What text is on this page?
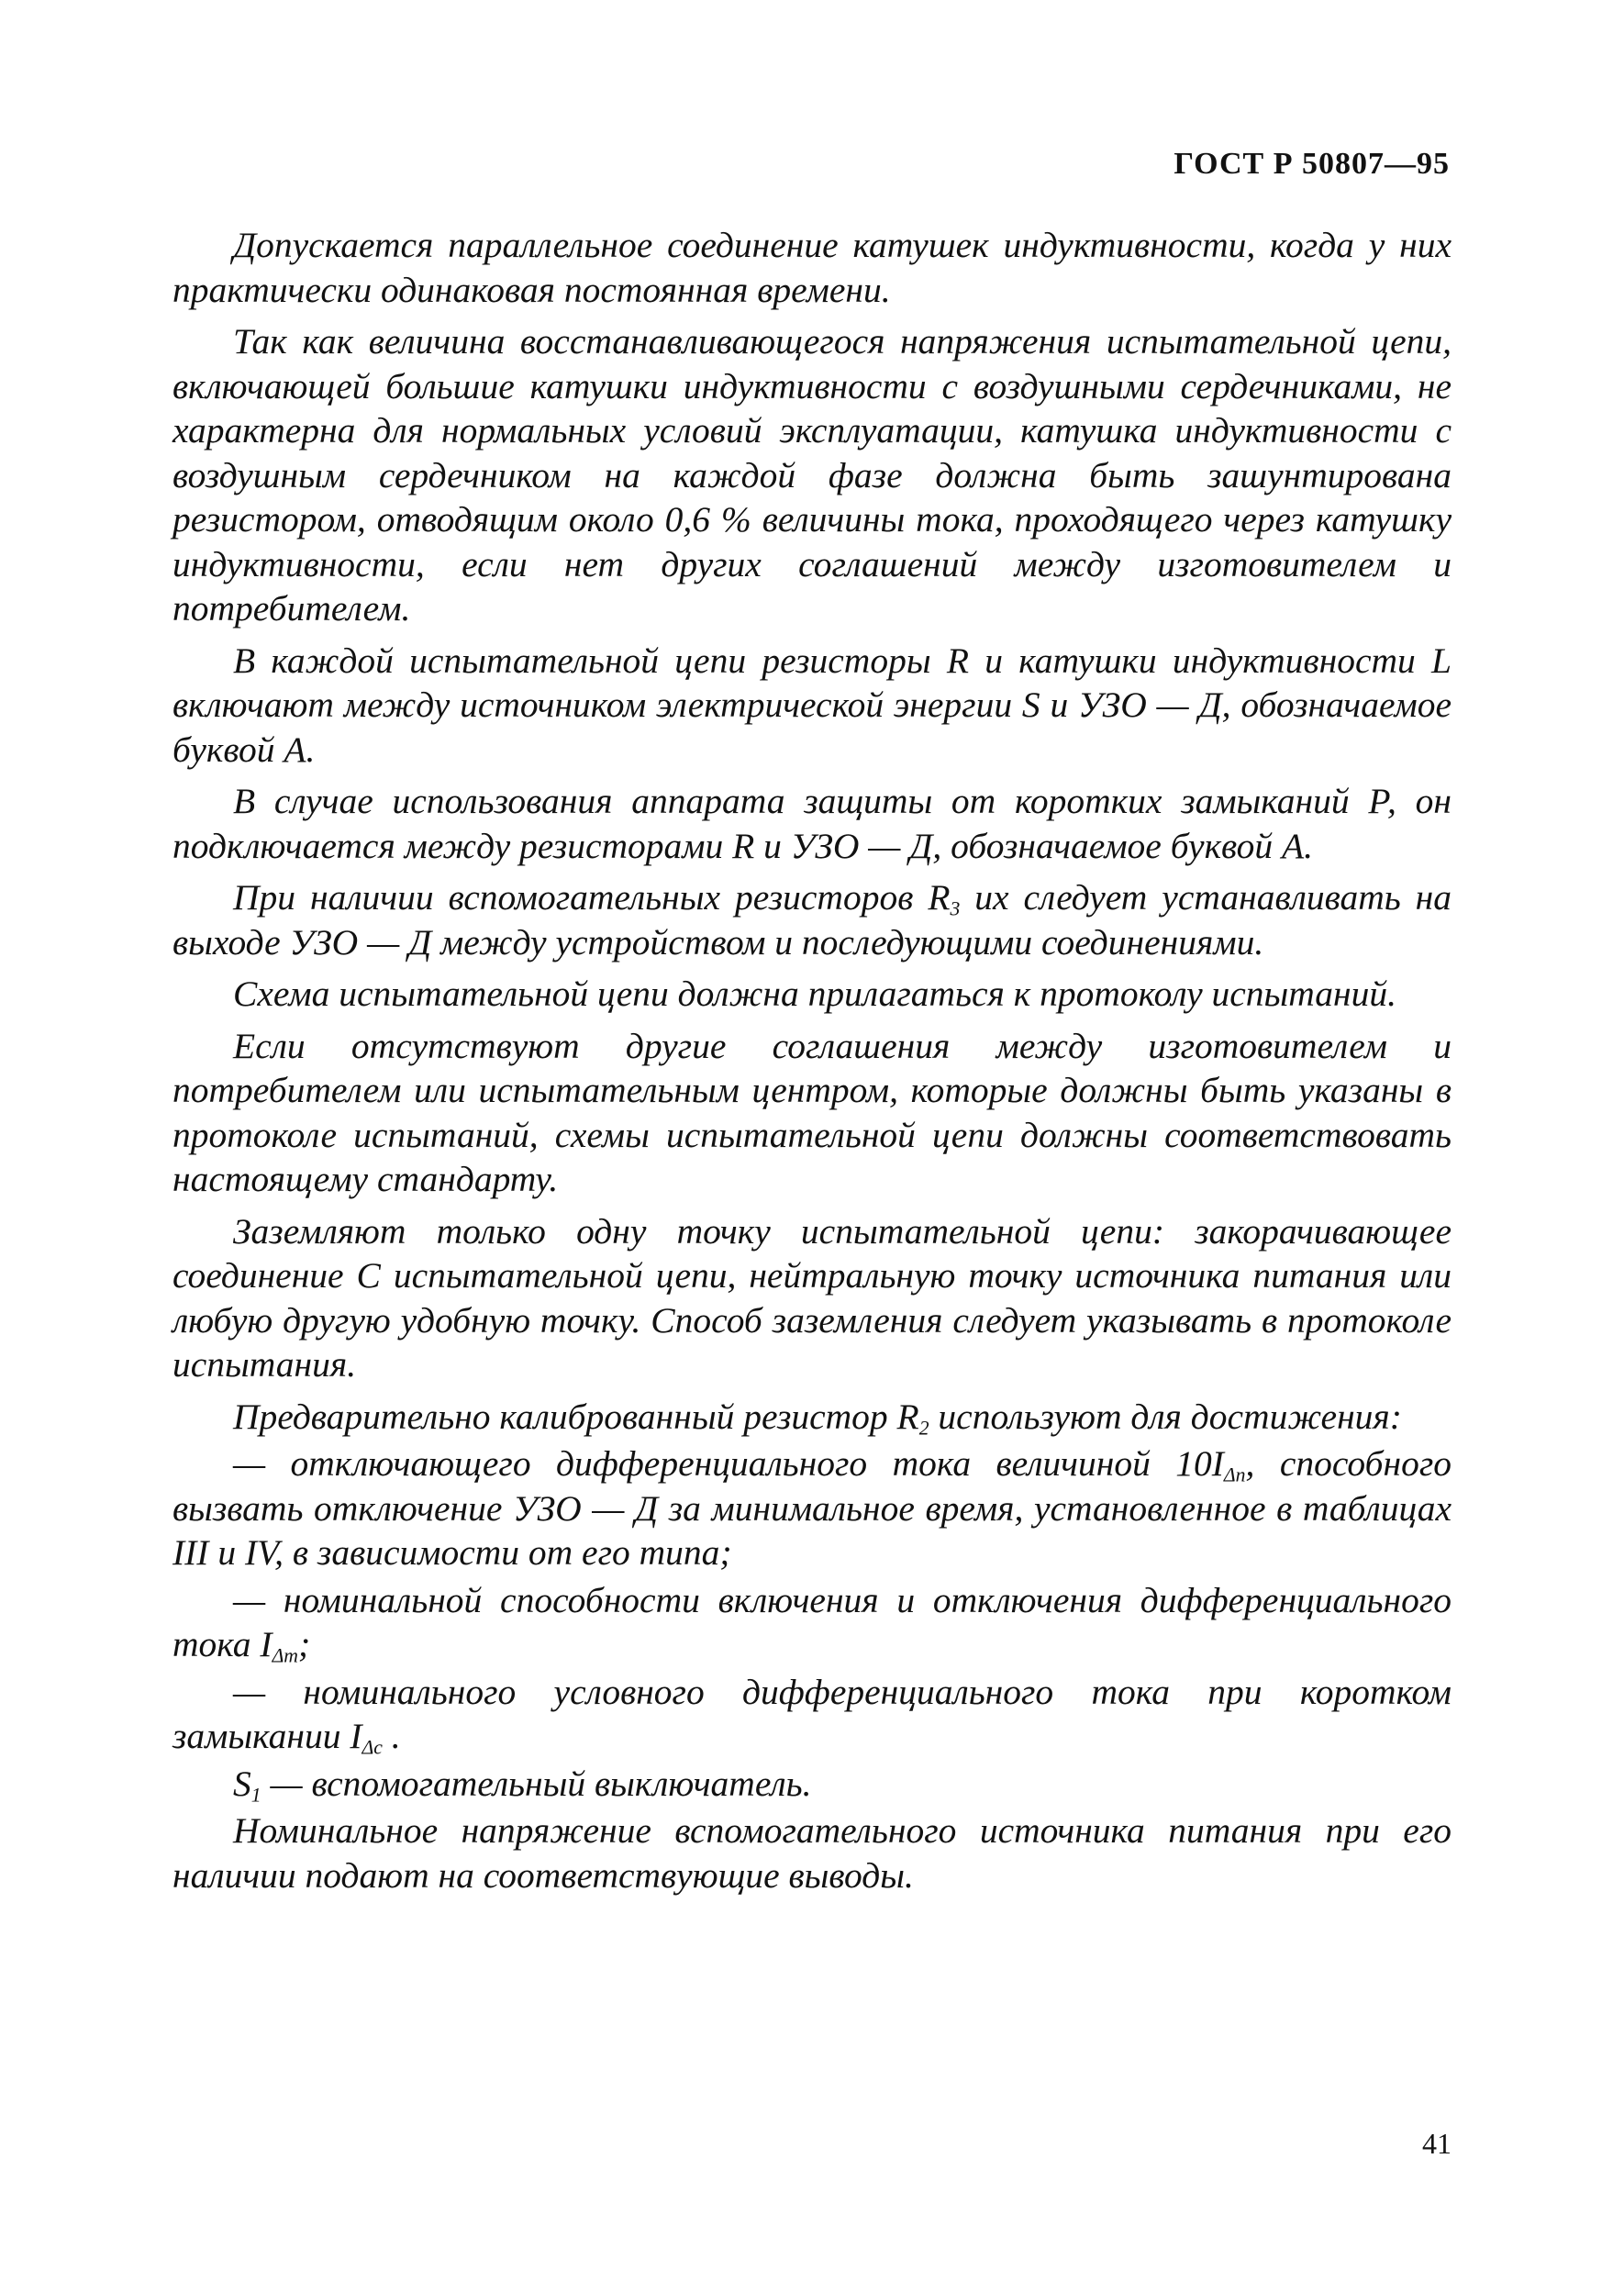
ГОСТ Р 50807—95

Допускается параллельное соединение катушек индуктивности, когда у них практически одинаковая постоянная времени.

Так как величина восстанавливающегося напряжения испытательной цепи, включающей большие катушки индуктивности с воздушными сердечниками, не характерна для нормальных условий эксплуатации, катушка индуктивности с воздушным сердечником на каждой фазе должна быть зашунтирована резистором, отводящим около 0,6 % величины тока, проходящего через катушку индуктивности, если нет других соглашений между изготовителем и потребителем.

В каждой испытательной цепи резисторы R и катушки индуктивности L включают между источником электрической энергии S и УЗО — Д, обозначаемое буквой А.

В случае использования аппарата защиты от коротких замыканий Р, он подключается между резисторами R и УЗО — Д, обозначаемое буквой А.

При наличии вспомогательных резисторов $R_3$ их следует устанавливать на выходе УЗО — Д между устройством и последующими соединениями.

Схема испытательной цепи должна прилагаться к протоколу испытаний.

Если отсутствуют другие соглашения между изготовителем и потребителем или испытательным центром, которые должны быть указаны в протоколе испытаний, схемы испытательной цепи должны соответствовать настоящему стандарту.

Заземляют только одну точку испытательной цепи: закорачивающее соединение С испытательной цепи, нейтральную точку источника питания или любую другую удобную точку. Способ заземления следует указывать в протоколе испытания.

Предварительно калиброванный резистор $R_2$ используют для достижения:

— отключающего дифференциального тока величиной $10I_{\Delta n}$, способного вызвать отключение УЗО — Д за минимальное время, установленное в таблицах III и IV, в зависимости от его типа;

— номинальной способности включения и отключения дифференциального тока $I_{\Delta m}$;

— номинального условного дифференциального тока при коротком замыкании $I_{\Delta c}$ .

$S_1$ — вспомогательный выключатель.

Номинальное напряжение вспомогательного источника питания при его наличии подают на соответствующие выводы.

41
